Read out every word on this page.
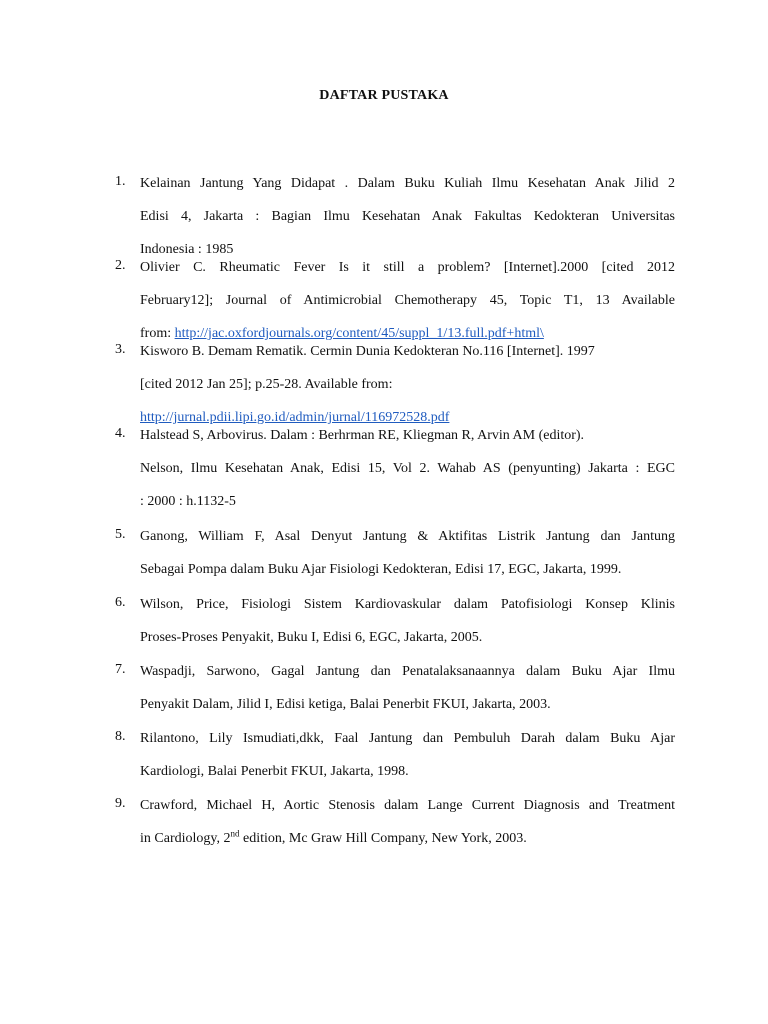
DAFTAR PUSTAKA
1.	Kelainan Jantung Yang Didapat . Dalam Buku Kuliah Ilmu Kesehatan Anak Jilid 2
Edisi 4, Jakarta : Bagian Ilmu Kesehatan Anak Fakultas Kedokteran Universitas
Indonesia : 1985
2.	Olivier C. Rheumatic Fever Is it still a problem? [Internet].2000 [cited 2012
February12]; Journal of Antimicrobial Chemotherapy 45, Topic T1, 13 Available
from: http://jac.oxfordjournals.org/content/45/suppl_1/13.full.pdf+html\
3.	Kisworo B. Demam Rematik. Cermin Dunia Kedokteran No.116 [Internet]. 1997
[cited 2012 Jan 25]; p.25-28. Available from:
http://jurnal.pdii.lipi.go.id/admin/jurnal/116972528.pdf
4.	Halstead S, Arbovirus. Dalam : Berhrman RE, Kliegman R, Arvin AM (editor).
Nelson, Ilmu Kesehatan Anak, Edisi 15, Vol 2. Wahab AS (penyunting) Jakarta : EGC
: 2000 : h.1132-5
5.	Ganong, William F, Asal Denyut Jantung & Aktifitas Listrik Jantung dan Jantung
Sebagai Pompa dalam Buku Ajar Fisiologi Kedokteran, Edisi 17, EGC, Jakarta, 1999.
6.	Wilson, Price, Fisiologi Sistem Kardiovaskular dalam Patofisiologi Konsep Klinis
Proses-Proses Penyakit, Buku I, Edisi 6, EGC, Jakarta, 2005.
7.	Waspadji, Sarwono, Gagal Jantung dan Penatalaksanaannya dalam Buku Ajar Ilmu
Penyakit Dalam, Jilid I, Edisi ketiga, Balai Penerbit FKUI, Jakarta, 2003.
8.	Rilantono, Lily Ismudiati,dkk, Faal Jantung dan Pembuluh Darah dalam Buku Ajar
Kardiologi, Balai Penerbit FKUI, Jakarta, 1998.
9.	Crawford, Michael H, Aortic Stenosis dalam Lange Current Diagnosis and Treatment
in Cardiology, 2nd edition, Mc Graw Hill Company, New York, 2003.
